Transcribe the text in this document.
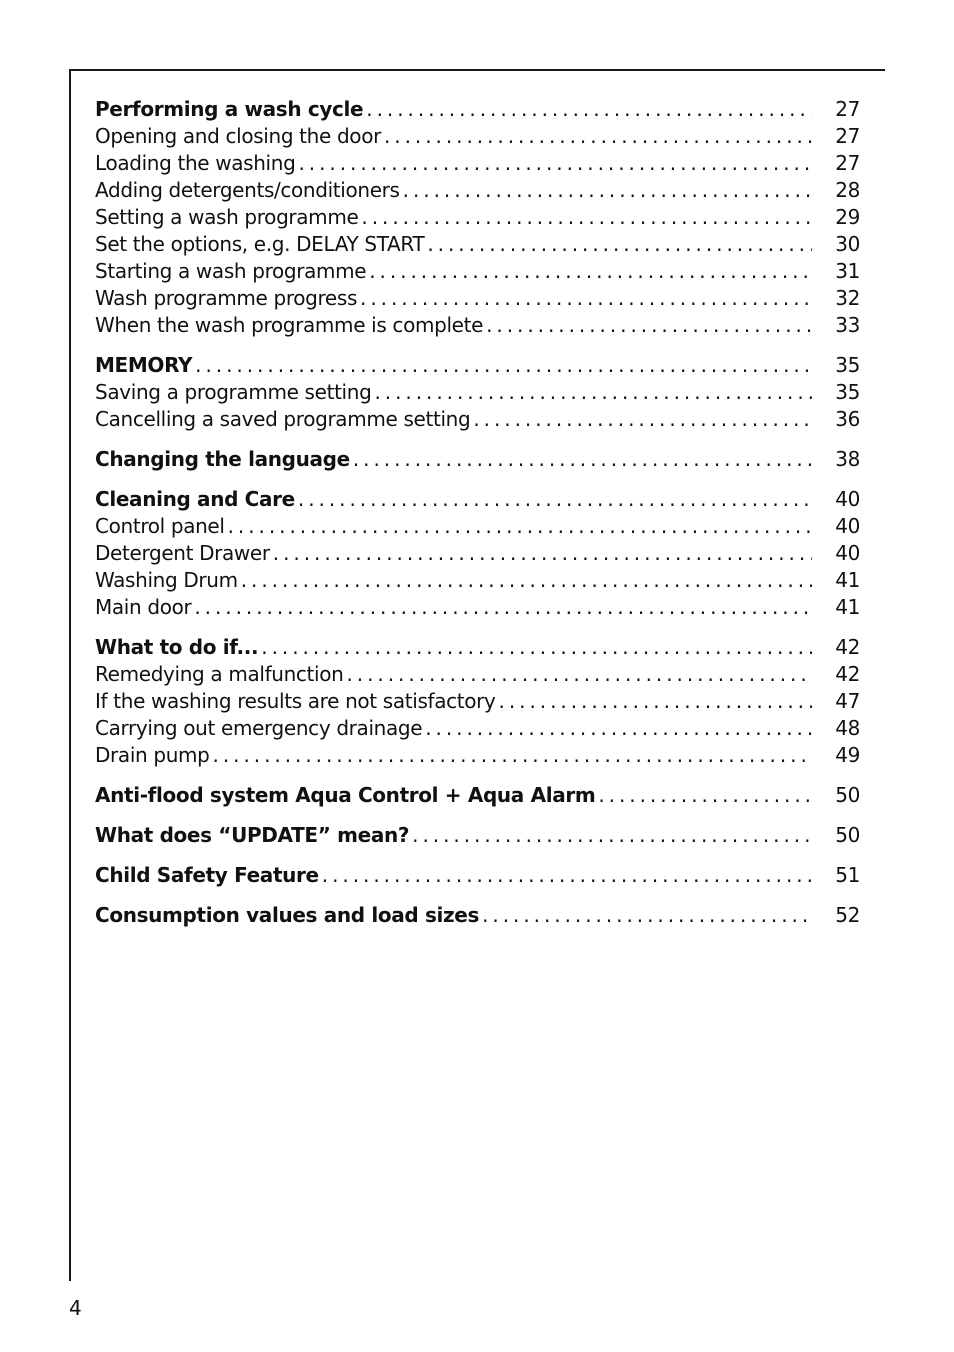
Performing a wash cycle . . .	27
Opening and closing the door . . .	27
Loading the washing . . .	27
Adding detergents/conditioners . . .	28
Setting a wash programme . . .	29
Set the options, e.g. DELAY START . . .	30
Starting a wash programme . . .	31
Wash programme progress . . .	32
When the wash programme is complete . . .	33
MEMORY . . .	35
Saving a programme setting . . .	35
Cancelling a saved programme setting . . .	36
Changing the language . . .	38
Cleaning and Care . . .	40
Control panel . . .	40
Detergent Drawer . . .	40
Washing Drum . . .	41
Main door . . .	41
What to do if... . . .	42
Remedying a malfunction . . .	42
If the washing results are not satisfactory . . .	47
Carrying out emergency drainage . . .	48
Drain pump . . .	49
Anti-flood system Aqua Control + Aqua Alarm . . .	50
What does “UPDATE” mean? . . .	50
Child Safety Feature . . .	51
Consumption values and load sizes . . .	52
4
